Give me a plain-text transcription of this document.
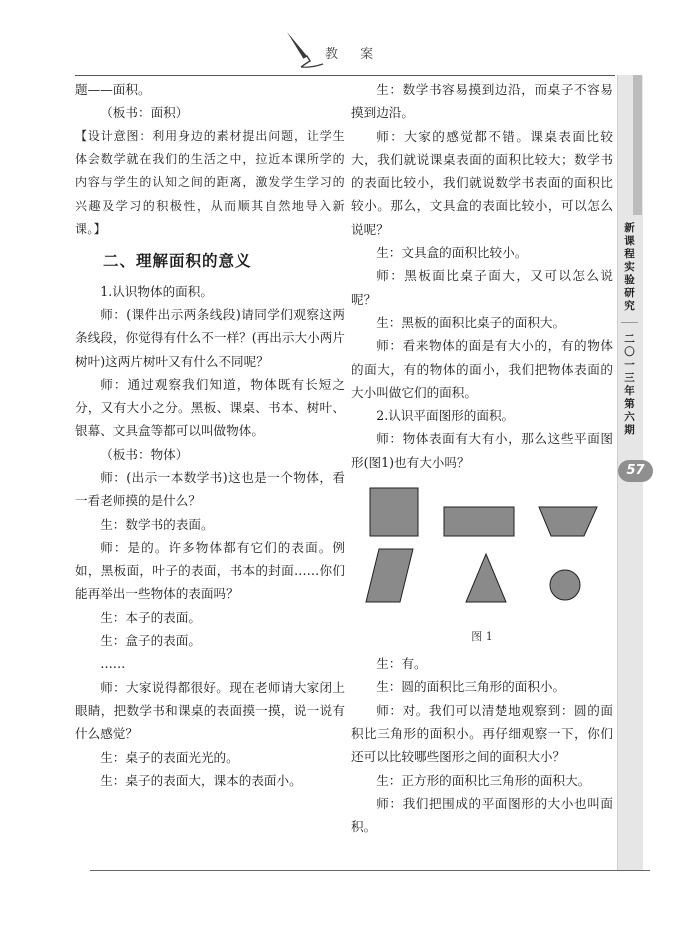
教 案

题——面积。

（板书：面积）

【设计意图：利用身边的素材提出问题，让学生体会数学就在我们的生活之中，拉近本课所学的内容与学生的认知之间的距离，激发学生学习的兴趣及学习的积极性，从而顺其自然地导入新课。】

二、理解面积的意义

1.认识物体的面积。

师：(课件出示两条线段)请同学们观察这两条线段，你觉得有什么不一样？(再出示大小两片树叶)这两片树叶又有什么不同呢？

师：通过观察我们知道，物体既有长短之分，又有大小之分。黑板、课桌、书本、树叶、银幕、文具盒等都可以叫做物体。

（板书：物体）

师：(出示一本数学书)这也是一个物体，看一看老师摸的是什么？

生：数学书的表面。

师：是的。许多物体都有它们的表面。例如，黑板面，叶子的表面，书本的封面……你们能再举出一些物体的表面吗？

生：本子的表面。

生：盒子的表面。

……

师：大家说得都很好。现在老师请大家闭上眼睛，把数学书和课桌的表面摸一摸，说一说有什么感觉？

生：桌子的表面光光的。

生：桌子的表面大，课本的表面小。

生：数学书容易摸到边沿，而桌子不容易摸到边沿。

师：大家的感觉都不错。课桌表面比较大，我们就说课桌表面的面积比较大；数学书的表面比较小，我们就说数学书表面的面积比较小。那么，文具盒的表面比较小，可以怎么说呢？

生：文具盒的面积比较小。

师：黑板面比桌子面大，又可以怎么说呢？

生：黑板的面积比桌子的面积大。

师：看来物体的面是有大小的，有的物体的面大，有的物体的面小，我们把物体表面的大小叫做它们的面积。

2.认识平面图形的面积。

师：物体表面有大有小，那么这些平面图形(图1)也有大小吗？

图 1

生：有。

生：圆的面积比三角形的面积小。

师：对。我们可以清楚地观察到：圆的面积比三角形的面积小。再仔细观察一下，你们还可以比较哪些图形之间的面积大小？

生：正方形的面积比三角形的面积大。

师：我们把围成的平面图形的大小也叫面积。

新
课
程
实
验
研
究
二
〇
一
三
年
第
六
期
57
